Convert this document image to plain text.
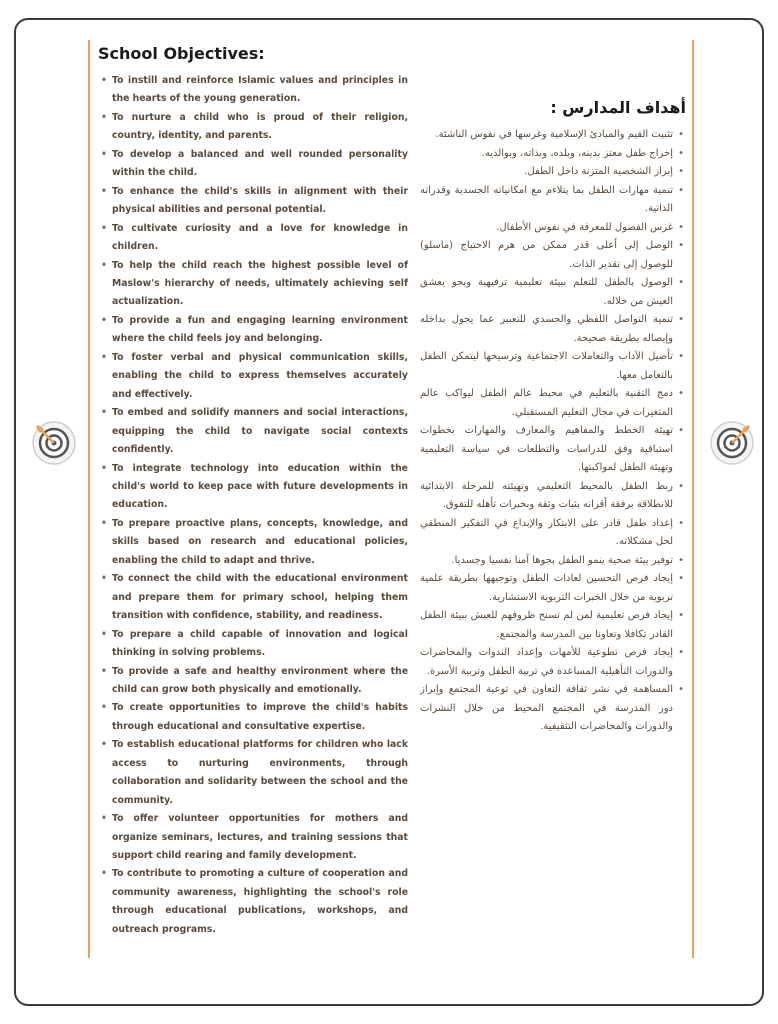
School Objectives:
• To instill and reinforce Islamic values and principles in the hearts of the young generation.
• To nurture a child who is proud of their religion, country, identity, and parents.
• To develop a balanced and well rounded personality within the child.
• To enhance the child's skills in alignment with their physical abilities and personal potential.
• To cultivate curiosity and a love for knowledge in children.
• To help the child reach the highest possible level of Maslow's hierarchy of needs, ultimately achieving self actualization.
• To provide a fun and engaging learning environment where the child feels joy and belonging.
• To foster verbal and physical communication skills, enabling the child to express themselves accurately and effectively.
• To embed and solidify manners and social interactions, equipping the child to navigate social contexts confidently.
• To integrate technology into education within the child's world to keep pace with future developments in education.
• To prepare proactive plans, concepts, knowledge, and skills based on research and educational policies, enabling the child to adapt and thrive.
• To connect the child with the educational environment and prepare them for primary school, helping them transition with confidence, stability, and readiness.
• To prepare a child capable of innovation and logical thinking in solving problems.
• To provide a safe and healthy environment where the child can grow both physically and emotionally.
• To create opportunities to improve the child's habits through educational and consultative expertise.
• To establish educational platforms for children who lack access to nurturing environments, through collaboration and solidarity between the school and the community.
• To offer volunteer opportunities for mothers and organize seminars, lectures, and training sessions that support child rearing and family development.
• To contribute to promoting a culture of cooperation and community awareness, highlighting the school's role through educational publications, workshops, and outreach programs.
أهداف المدارس :
• تثبيت القيم والمبادئ الإسلامية وغرسها في نفوس الناشئة.
• إخراج طفل معتز بدينه، وبلده، وبذاته، وبوالديه.
• إبراز الشخصية المتزنة داخل الطفل.
• تنمية مهارات الطفل بما يتلاءم مع امكانياته الجسدية وقدراته الذاتية.
• غرس الفضول للمعرفة في نفوس الأطفال.
• الوصل إلى أعلى قدر ممكن من هرم الاحتياج (ماسلو) للوصول إلى تقدير الذات.
• الوصول بالطفل للتعلم ببيئة تعليمية ترفيهية وبجو يعشق العيش من خلاله.
• تنمية التواصل اللفظي والجسدي للتعبير عما يجول بداخله وإيصاله بطريقة صحيحة.
• تأصيل الآداب والتعاملات الاجتماعية وترسيخها ليتمكن الطفل بالتعامل معها.
• دمج التقنية بالتعليم في محيط عالم الطفل ليواكب عالم المتغيرات في مجال التعليم المستقبلي.
• تهيئة الخطط والمفاهيم والمعارف والمهارات بخطوات استباقية وفق للدراسات والتطلعات في سياسة التعليمية وتهيئة الطفل لمواكبتها.
• ربط الطفل بالمحيط التعليمي وتهيئته للمرحلة الابتدائية للانطلاقة برفقة أقرانه بثبات وثقة وبخبرات تأهله للتفوق.
• إعداد طفل قادر على الابتكار والإبداع في التفكير المنطقي لحل مشكلاته.
• توفير بيئة صحية ينمو الطفل بجوها آمنا نفسيا وجسديا.
• إيجاد فرص التحسين لعادات الطفل وتوجيهها بطريقة علمية تربوية من خلال الخبرات التربوية الاستشارية.
• إيجاد فرص تعليمية لمن لم تسنح ظروفهم للعيش ببيئة الطفل القادر تكافلا وتعاونا بين المدرسة والمجتمع.
• إيجاد فرص تطوعية للأمهات وإعداد الندوات والمحاضرات والدورات التأهيلية المساعدة في تربية الطفل وتربية الأسرة.
• المساهمة في نشر ثقافة التعاون في توعية المجتمع وإبراز دور المدرسة في المجتمع المحيط من خلال النشرات والدورات والمحاضرات التثقيفية.
